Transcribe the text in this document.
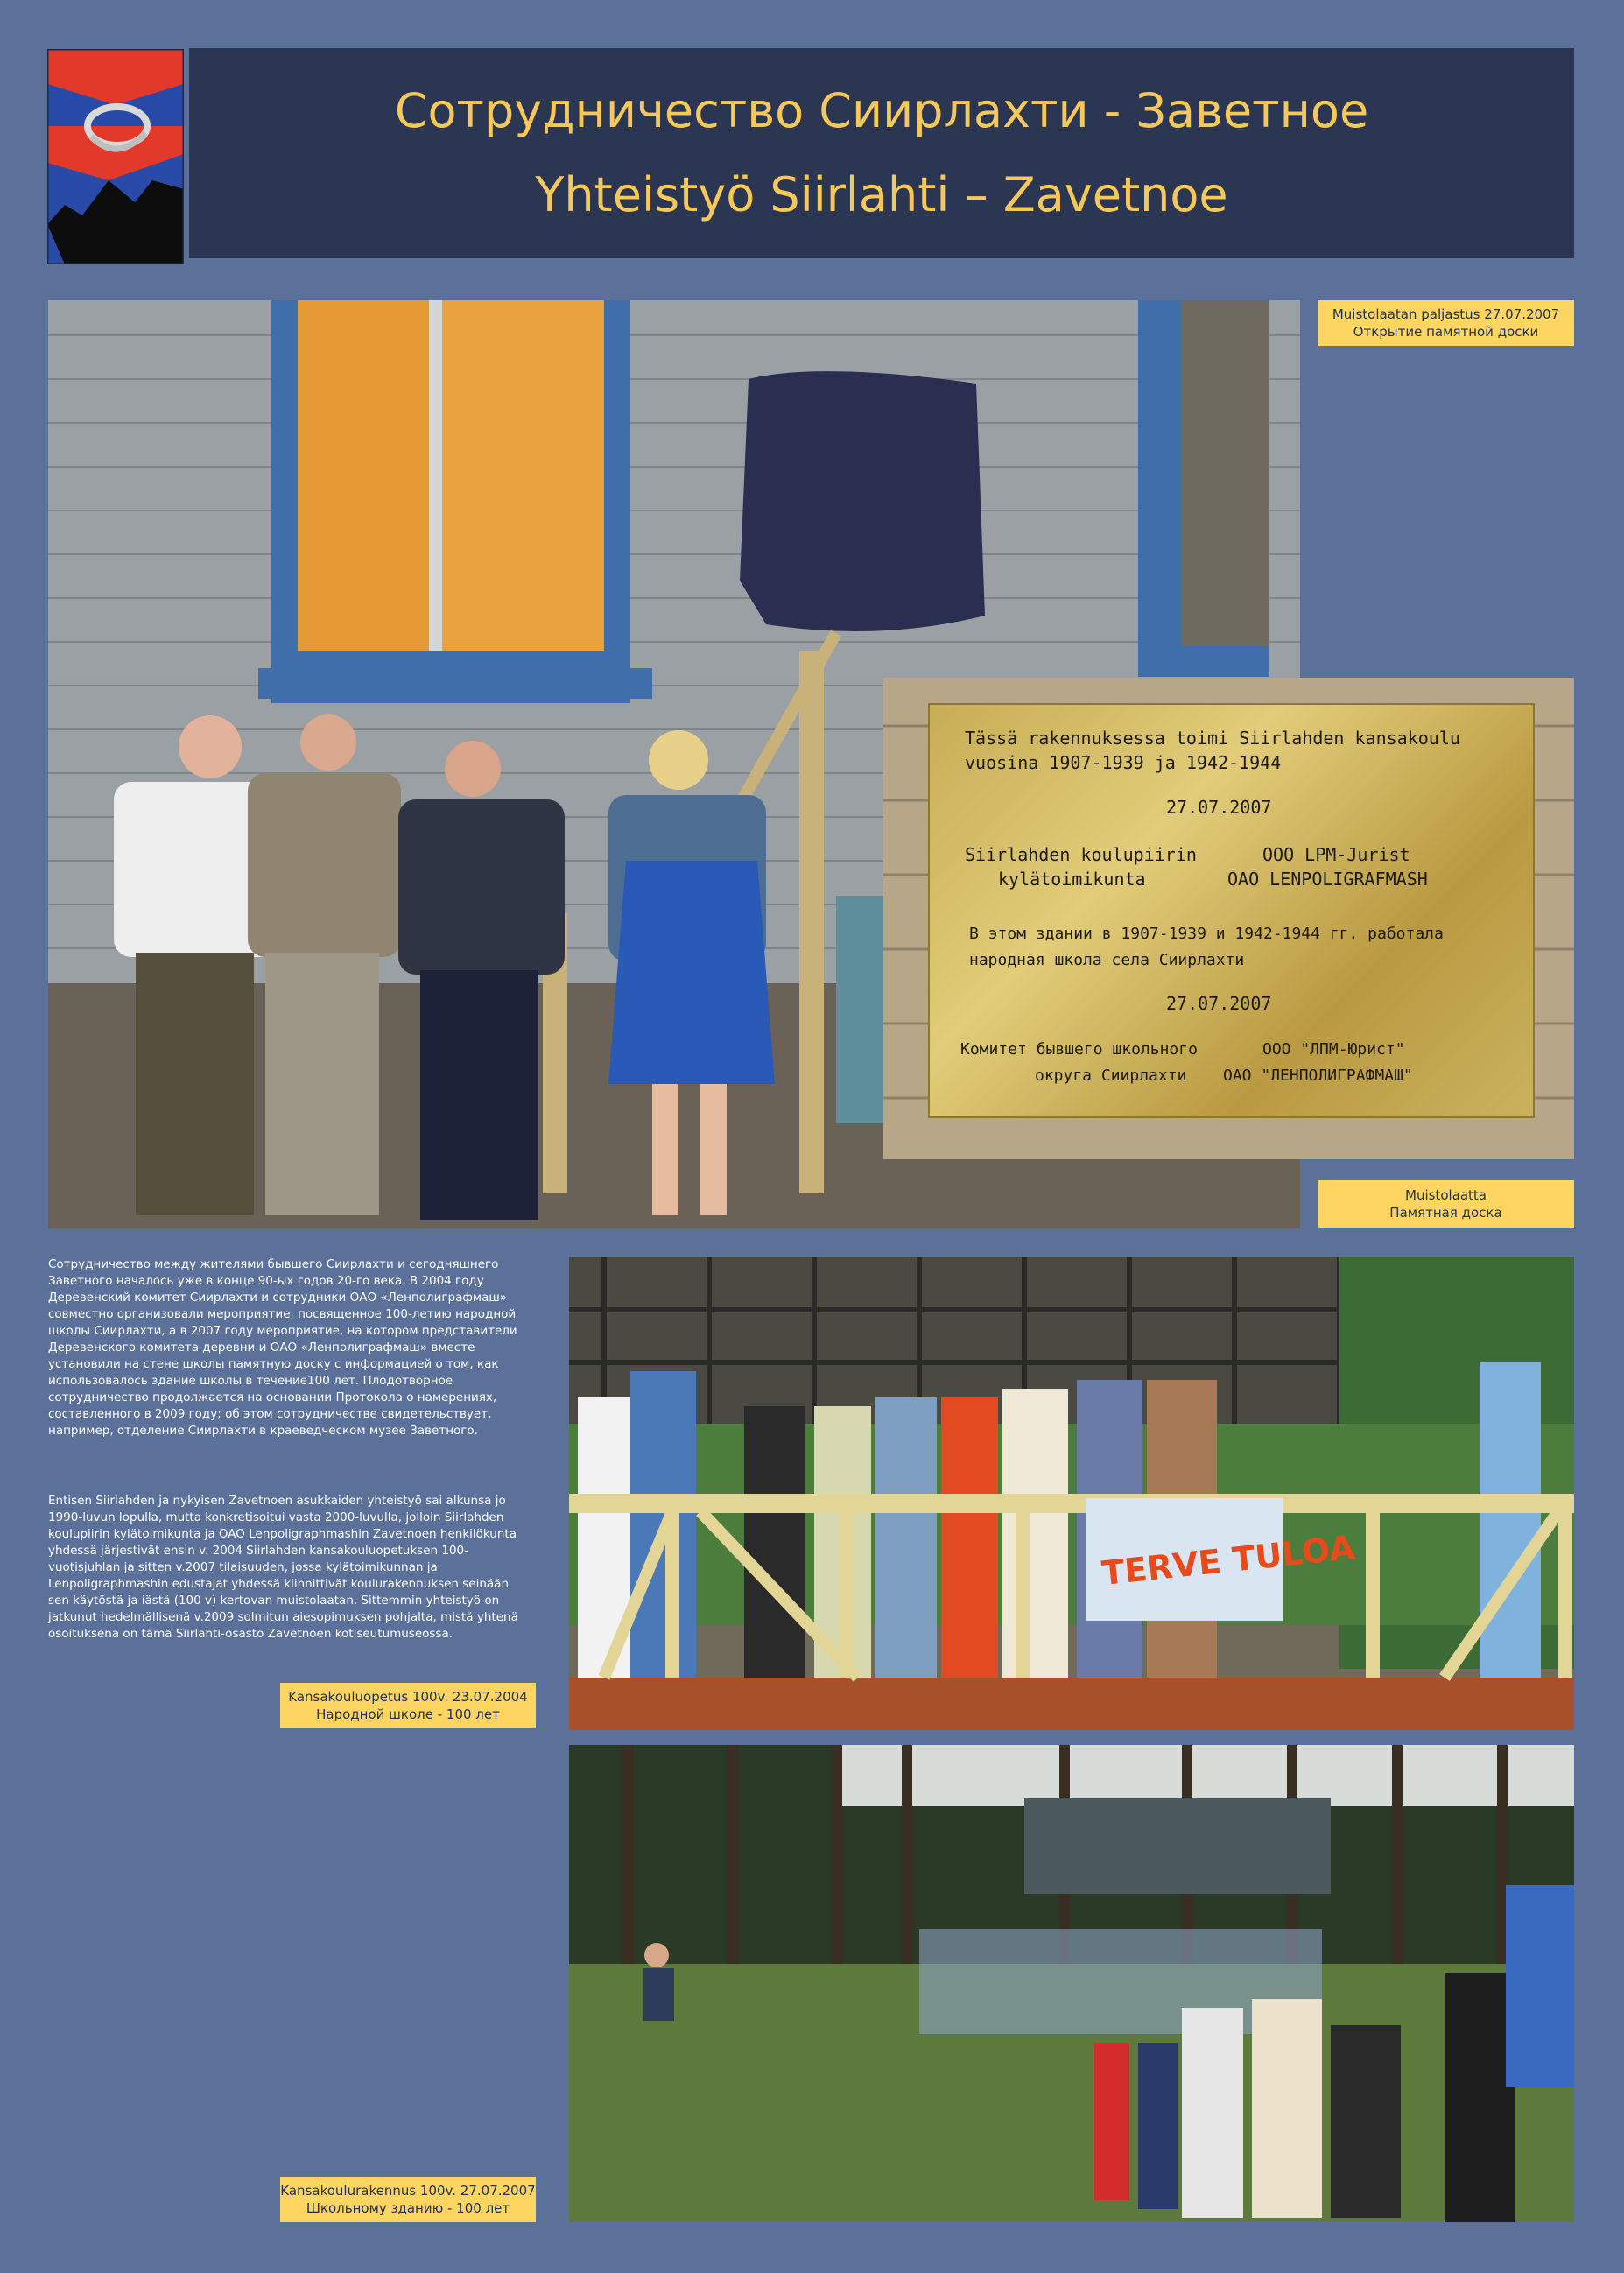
Сотрудничество Сиирлахти - Заветное
Yhteistyö Siirlahti – Zavetnoe
Tässä rakennuksessa toimi Siirlahden kansakoulu
vuosina 1907-1939 ja 1942-1944
27.07.2007
Siirlahden koulupiirin	OOO LPM-Jurist
kylätoimikunta	OAO LENPOLIGRAFMASH
В этом здании в 1907-1939 и 1942-1944 гг. работала
народная школа села Сиирлахти
27.07.2007
Комитет бывшего школьного	ООО "ЛПМ-Юрист"
округа Сиирлахти ОАО "ЛЕНПОЛИГРАФМАШ"
Muistolaatan paljastus 27.07.2007
Открытие памятной доски
Muistolaatta
Памятная доска
Kansakouluopetus 100v. 23.07.2004
Народной школе - 100 лет
Kansakoulurakennus 100v. 27.07.2007
Школьному зданию - 100 лет
Сотрудничество между жителями бывшего Сиирлахти и сегодняшнего Заветного началось уже в конце 90-ых годов 20-го века. В 2004 году Деревенский комитет Сиирлахти и сотрудники ОАО «Ленполиграфмаш» совместно организовали мероприятие, посвященное 100-летию народной школы Сиирлахти, а в 2007 году мероприятие, на котором представители Деревенского комитета деревни и ОАО «Ленполиграфмаш» вместе установили на стене школы памятную доску с информацией о том, как использовалось здание школы в течение100 лет. Плодотворное сотрудничество продолжается на основании Протокола о намерениях, составленного в 2009 году; об этом сотрудничестве свидетельствует, например, отделение Сиирлахти в краеведческом музее Заветного.
Entisen Siirlahden ja nykyisen Zavetnoen asukkaiden yhteistyö sai alkunsa jo 1990-luvun lopulla, mutta konkretisoitui vasta 2000-luvulla, jolloin Siirlahden koulupiirin kylätoimikunta ja OAO Lenpoligraphmashin Zavetnoen henkilökunta yhdessä järjestivät ensin v. 2004 Siirlahden kansakouluopetuksen 100-vuotisjuhlan ja sitten v.2007 tilaisuuden, jossa kylätoimikunnan ja Lenpoligraphmashin edustajat yhdessä kiinnittivät koulurakennuksen seinään sen käytöstä ja iästä (100 v) kertovan muistolaatan. Sittemmin yhteistyö on jatkunut hedelmällisenä v.2009 solmitun aiesopimuksen pohjalta, mistä yhtenä osoituksena on tämä Siirlahti-osasto Zavetnoen kotiseutumuseossa.
TERVE TULOA
